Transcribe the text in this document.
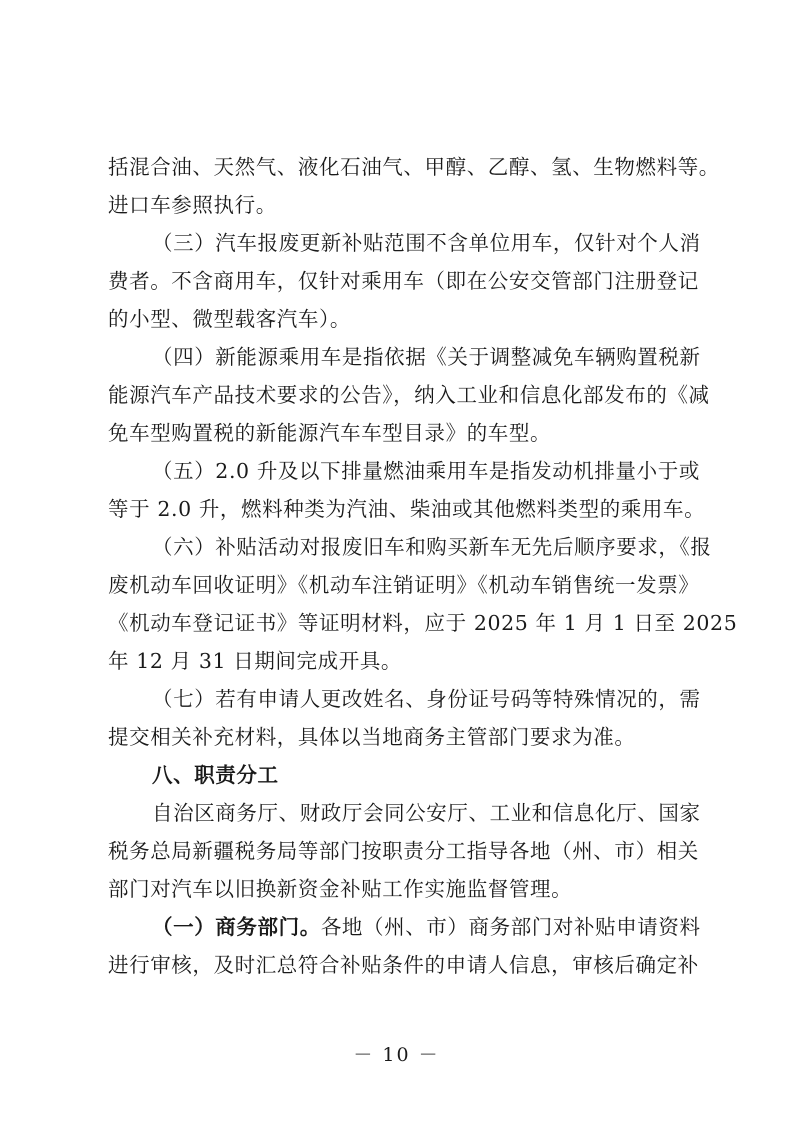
括混合油、天然气、液化石油气、甲醇、乙醇、氢、生物燃料等。
进口车参照执行。
（三）汽车报废更新补贴范围不含单位用车，仅针对个人消
费者。不含商用车，仅针对乘用车（即在公安交管部门注册登记
的小型、微型载客汽车）。
（四）新能源乘用车是指依据《关于调整减免车辆购置税新
能源汽车产品技术要求的公告》，纳入工业和信息化部发布的《减
免车型购置税的新能源汽车车型目录》的车型。
（五）2.0 升及以下排量燃油乘用车是指发动机排量小于或
等于 2.0 升，燃料种类为汽油、柴油或其他燃料类型的乘用车。
（六）补贴活动对报废旧车和购买新车无先后顺序要求，《报
废机动车回收证明》《机动车注销证明》《机动车销售统一发票》
《机动车登记证书》等证明材料，应于 2025 年 1 月 1 日至 2025
年 12 月 31 日期间完成开具。
（七）若有申请人更改姓名、身份证号码等特殊情况的，需
提交相关补充材料，具体以当地商务主管部门要求为准。
八、职责分工
自治区商务厅、财政厅会同公安厅、工业和信息化厅、国家
税务总局新疆税务局等部门按职责分工指导各地（州、市）相关
部门对汽车以旧换新资金补贴工作实施监督管理。
（一）商务部门。各地（州、市）商务部门对补贴申请资料
进行审核，及时汇总符合补贴条件的申请人信息，审核后确定补
－ 10 －
